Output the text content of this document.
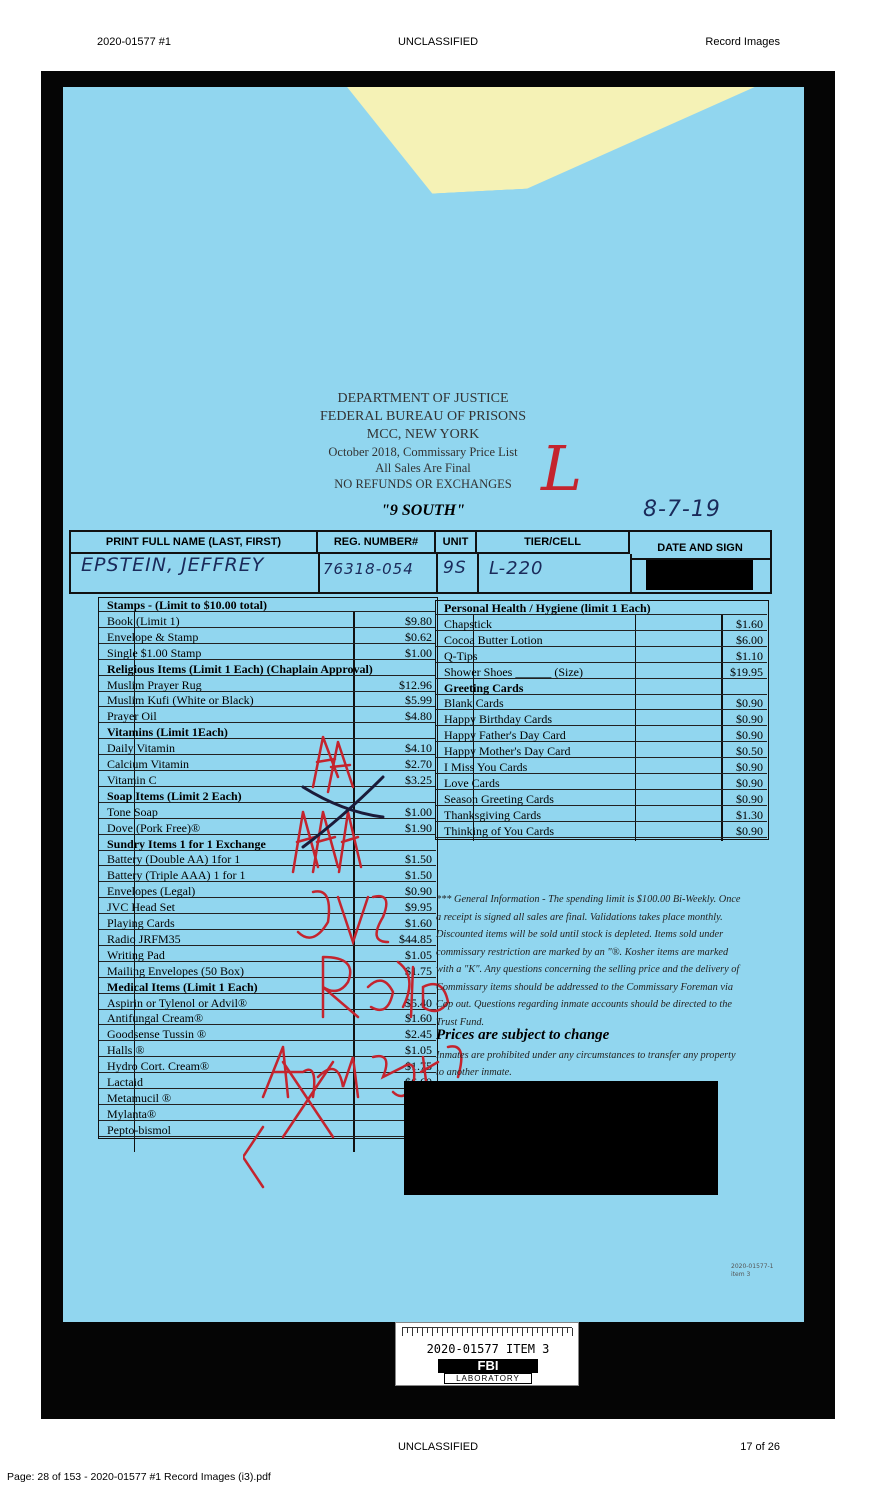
2020-01577 #1	UNCLASSIFIED	Record Images
DEPARTMENT OF JUSTICE
FEDERAL BUREAU OF PRISONS
MCC, NEW YORK
October 2018, Commissary Price List
All Sales Are Final
NO REFUNDS OR EXCHANGES
"9 SOUTH"
L
8-7-19
PRINT FULL NAME (LAST, FIRST)	REG. NUMBER#	UNIT	TIER/CELL	DATE AND SIGN
EPSTEIN, JEFFREY	76318-054 9S L-220
Stamps - (Limit to $10.00 total)
Book (Limit 1)	$9.80
Envelope & Stamp	$0.62
Single $1.00 Stamp	$1.00
Religious Items (Limit 1 Each) (Chaplain Approval)
Muslim Prayer Rug	$12.96
Muslim Kufi (White or Black)	$5.99
Prayer Oil	$4.80
Vitamins (Limit 1Each)
Daily Vitamin	$4.10
Calcium Vitamin	$2.70
Vitamin C	$3.25
Soap Items (Limit 2 Each)
Tone Soap	$1.00
Dove (Pork Free)®	$1.90
Sundry Items 1 for 1 Exchange
Battery (Double AA) 1for 1	$1.50
Battery (Triple AAA) 1 for 1	$1.50
Envelopes (Legal)	$0.90
JVC Head Set	$9.95
Playing Cards	$1.60
Radio JRFM35	$44.85
Writing Pad	$1.05
Mailing Envelopes (50 Box)	$1.75
Medical Items (Limit 1 Each)
Aspirin or Tylenol or Advil®	$5.40
Antifungal Cream®	$1.60
Goodsense Tussin ®	$2.45
Halls ®	$1.05
Hydro Cort. Cream®	$1.75
Lactaid
Metamucil ®
Mylanta®
Pepto-bismol
Personal Health / Hygiene (limit 1 Each)
Chapstick	$1.60
Cocoa Butter Lotion	$6.00
Q-Tips	$1.10
Shower Shoes ______ (Size)	$19.95
Greeting Cards
Blank Cards	$0.90
Happy Birthday Cards	$0.90
Happy Father's Day Card	$0.90
Happy Mother's Day Card	$0.50
I Miss You Cards	$0.90
Love Cards	$0.90
Season Greeting Cards	$0.90
Thanksgiving Cards	$1.30
Thinking of You Cards	$0.90
*** General Information - The spending limit is $100.00 Bi-Weekly. Once a receipt is signed all sales are final. Validations takes place monthly. Discounted items will be sold until stock is depleted. Items sold under commissary restriction are marked by an "®. Kosher items are marked with a "K". Any questions concerning the selling price and the delivery of Commissary items should be addressed to the Commissary Foreman via Cop out. Questions regarding inmate accounts should be directed to the Trust Fund.
Prices are subject to change
Inmates are prohibited under any circumstances to transfer any property to another inmate.
2020-01577-1
item 3
2020-01577 ITEM 3
FBI
LABORATORY
UNCLASSIFIED	17 of 26
Page: 28 of 153 - 2020-01577 #1 Record Images (i3).pdf
